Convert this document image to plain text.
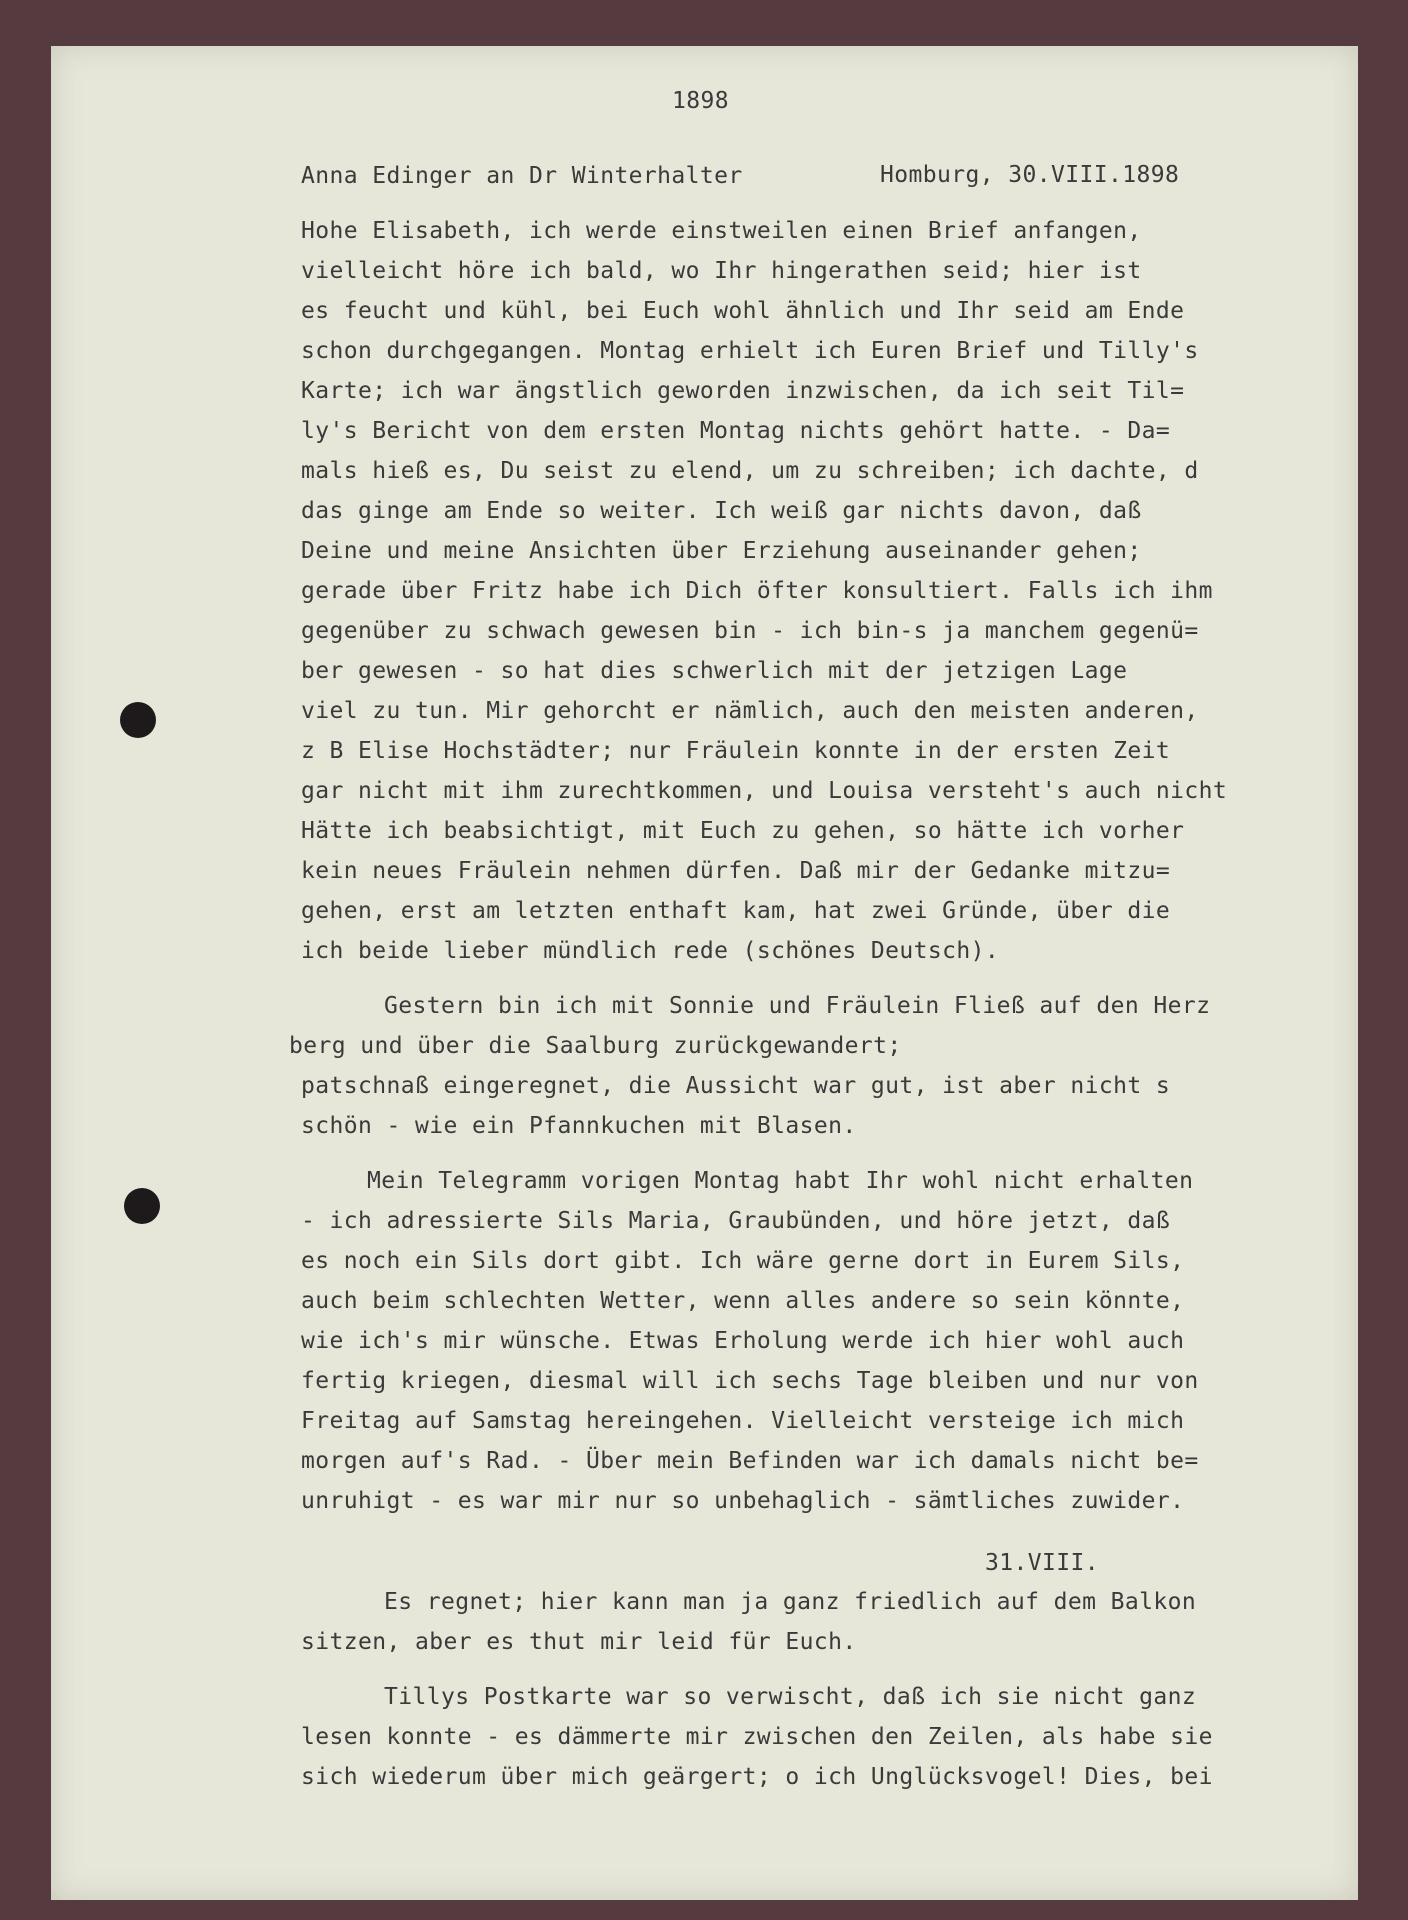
1898
Anna Edinger an Dr Winterhalter	Homburg, 30.VIII.1898
Hohe Elisabeth, ich werde einstweilen einen Brief anfangen,
vielleicht höre ich bald, wo Ihr hingerathen seid; hier ist
es feucht und kühl, bei Euch wohl ähnlich und Ihr seid am Ende
schon durchgegangen. Montag erhielt ich Euren Brief und Tilly's
Karte; ich war ängstlich geworden inzwischen, da ich seit Til=
ly's Bericht von dem ersten Montag nichts gehört hatte. - Da=
mals hieß es, Du seist zu elend, um zu schreiben; ich dachte, d
das ginge am Ende so weiter. Ich weiß gar nichts davon, daß
Deine und meine Ansichten über Erziehung auseinander gehen;
gerade über Fritz habe ich Dich öfter konsultiert. Falls ich ihm
gegenüber zu schwach gewesen bin - ich bin-s ja manchem gegenü=
ber gewesen - so hat dies schwerlich mit der jetzigen Lage
viel zu tun. Mir gehorcht er nämlich, auch den meisten anderen,
z B Elise Hochstädter; nur Fräulein konnte in der ersten Zeit
gar nicht mit ihm zurechtkommen, und Louisa versteht's auch nicht
Hätte ich beabsichtigt, mit Euch zu gehen, so hätte ich vorher
kein neues Fräulein nehmen dürfen. Daß mir der Gedanke mitzu=
gehen, erst am letzten enthaft kam, hat zwei Gründe, über die
ich beide lieber mündlich rede (schönes Deutsch).
Gestern bin ich mit Sonnie und Fräulein Fließ auf den Herz
berg und über die Saalburg zurückgewandert;
patschnaß eingeregnet, die Aussicht war gut, ist aber nicht s
schön - wie ein Pfannkuchen mit Blasen.
Mein Telegramm vorigen Montag habt Ihr wohl nicht erhalten
- ich adressierte Sils Maria, Graubünden, und höre jetzt, daß
es noch ein Sils dort gibt. Ich wäre gerne dort in Eurem Sils,
auch beim schlechten Wetter, wenn alles andere so sein könnte,
wie ich's mir wünsche. Etwas Erholung werde ich hier wohl auch
fertig kriegen, diesmal will ich sechs Tage bleiben und nur von
Freitag auf Samstag hereingehen. Vielleicht versteige ich mich
morgen auf's Rad. - Über mein Befinden war ich damals nicht be=
unruhigt - es war mir nur so unbehaglich - sämtliches zuwider.
31.VIII.
Es regnet; hier kann man ja ganz friedlich auf dem Balkon
sitzen, aber es thut mir leid für Euch.
Tillys Postkarte war so verwischt, daß ich sie nicht ganz
lesen konnte - es dämmerte mir zwischen den Zeilen, als habe sie
sich wiederum über mich geärgert; o ich Unglücksvogel! Dies, bei
